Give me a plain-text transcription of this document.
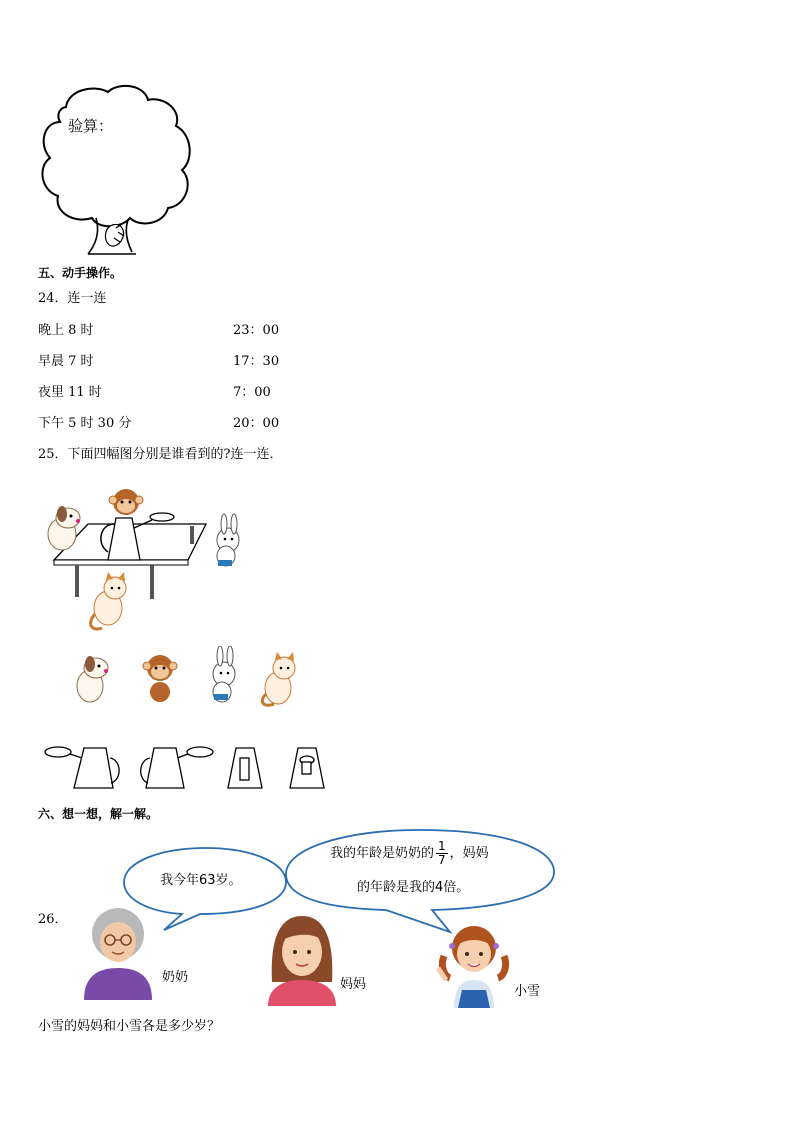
验算：
五、动手操作。
24．连一连
晚上 8 时
早晨 7 时
夜里 11 时
下午 5 时 30 分
23：00
17：30
7：00
20：00
25．下面四幅图分别是谁看到的?连一连．
六、想一想，解一解。
我今年63岁。
我的年龄是奶奶的 $\frac{1}{7}$ ，妈妈
的年龄是我的4倍。
26．
奶奶	妈妈	小雪
小雪的妈妈和小雪各是多少岁？
